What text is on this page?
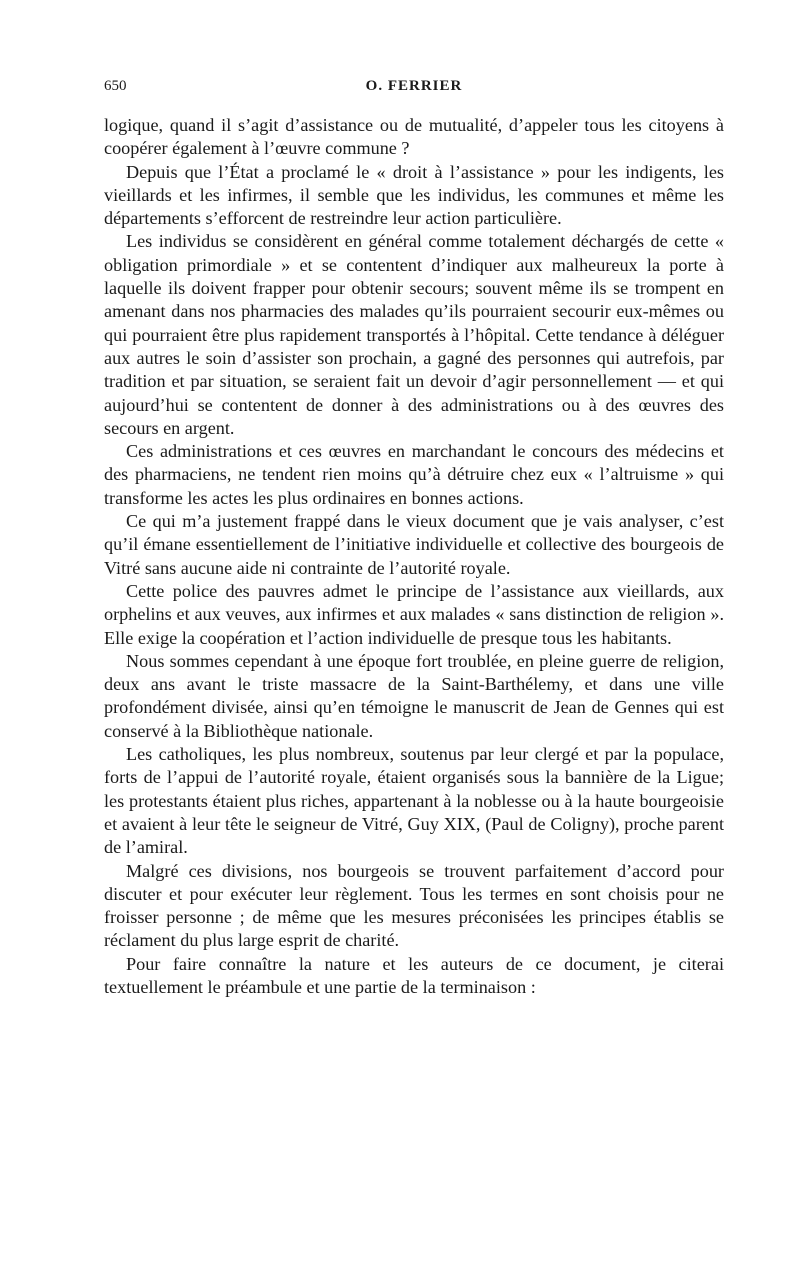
650	O. FERRIER

logique, quand il s’agit d’assistance ou de mutualité, d’appeler tous les citoyens à coopérer également à l’œuvre commune ?

Depuis que l’État a proclamé le « droit à l’assistance » pour les indigents, les vieillards et les infirmes, il semble que les individus, les communes et même les départements s’efforcent de restreindre leur action particulière.

Les individus se considèrent en général comme totalement déchargés de cette « obligation primordiale » et se contentent d’indiquer aux malheureux la porte à laquelle ils doivent frapper pour obtenir secours; souvent même ils se trompent en amenant dans nos pharmacies des malades qu’ils pourraient secourir eux-mêmes ou qui pourraient être plus rapidement transportés à l’hôpital. Cette tendance à déléguer aux autres le soin d’assister son prochain, a gagné des personnes qui autrefois, par tradition et par situation, se seraient fait un devoir d’agir personnellement — et qui aujourd’hui se contentent de donner à des administrations ou à des œuvres des secours en argent.

Ces administrations et ces œuvres en marchandant le concours des médecins et des pharmaciens, ne tendent rien moins qu’à détruire chez eux « l’altruisme » qui transforme les actes les plus ordinaires en bonnes actions.

Ce qui m’a justement frappé dans le vieux document que je vais analyser, c’est qu’il émane essentiellement de l’initiative individuelle et collective des bourgeois de Vitré sans aucune aide ni contrainte de l’autorité royale.

Cette police des pauvres admet le principe de l’assistance aux vieillards, aux orphelins et aux veuves, aux infirmes et aux malades « sans distinction de religion ». Elle exige la coopération et l’action individuelle de presque tous les habitants.

Nous sommes cependant à une époque fort troublée, en pleine guerre de religion, deux ans avant le triste massacre de la Saint-Barthélemy, et dans une ville profondément divisée, ainsi qu’en témoigne le manuscrit de Jean de Gennes qui est conservé à la Bibliothèque nationale.

Les catholiques, les plus nombreux, soutenus par leur clergé et par la populace, forts de l’appui de l’autorité royale, étaient organisés sous la bannière de la Ligue; les protestants étaient plus riches, appartenant à la noblesse ou à la haute bourgeoisie et avaient à leur tête le seigneur de Vitré, Guy XIX, (Paul de Coligny), proche parent de l’amiral.

Malgré ces divisions, nos bourgeois se trouvent parfaitement d’accord pour discuter et pour exécuter leur règlement. Tous les termes en sont choisis pour ne froisser personne ; de même que les mesures préconisées les principes établis se réclament du plus large esprit de charité.

Pour faire connaître la nature et les auteurs de ce document, je citerai textuellement le préambule et une partie de la terminaison :
